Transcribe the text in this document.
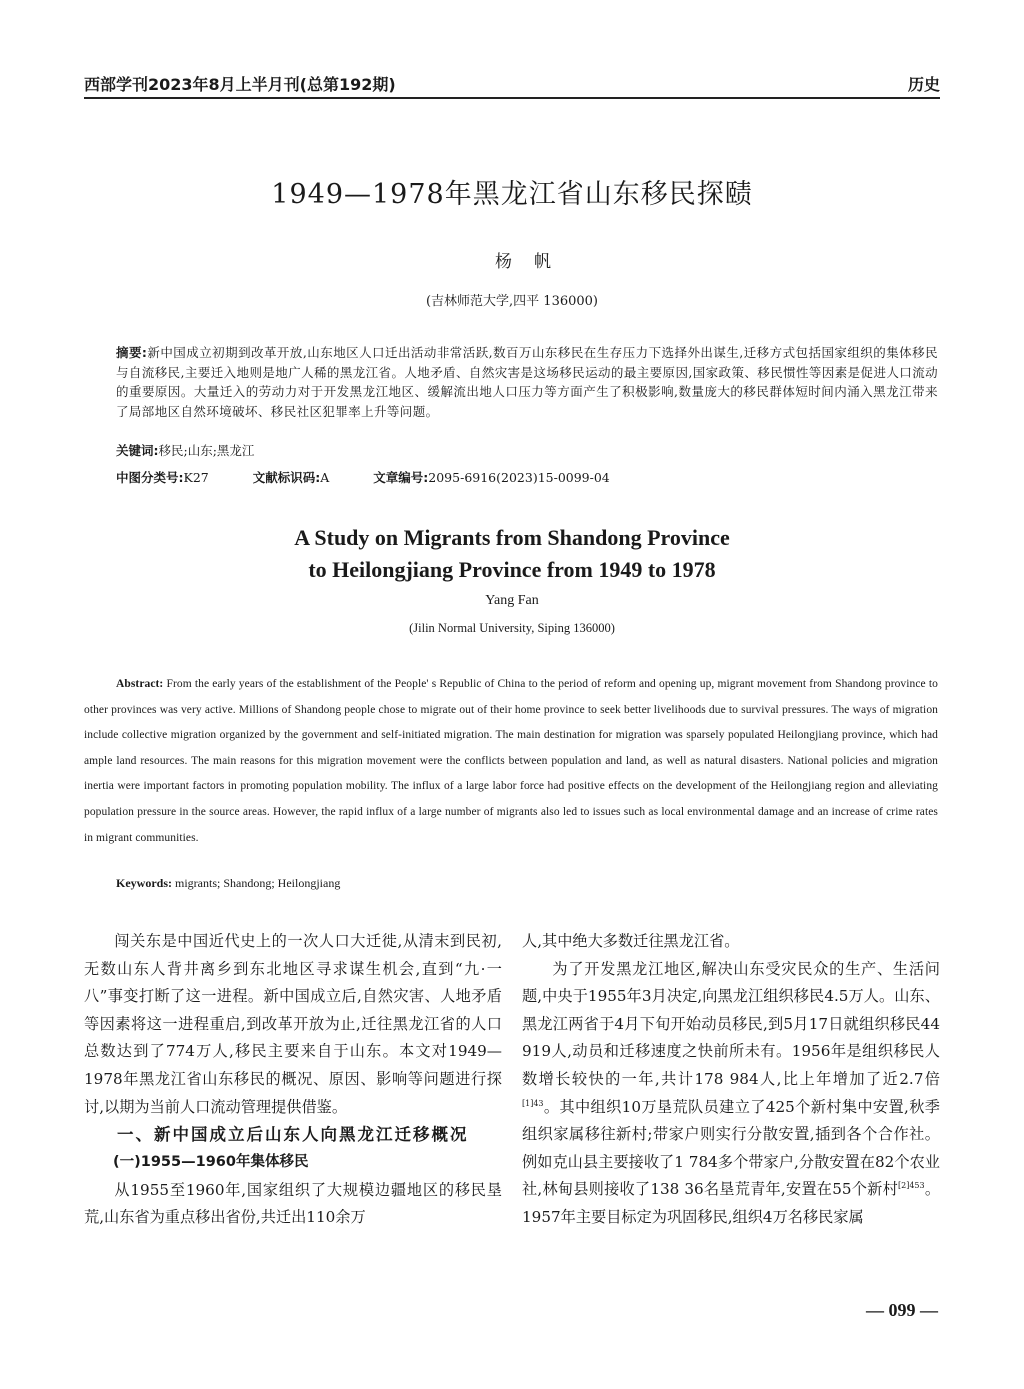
西部学刊2023年8月上半月刊(总第192期)	历史
1949—1978年黑龙江省山东移民探赜
杨帆
(吉林师范大学,四平 136000)
摘要:新中国成立初期到改革开放,山东地区人口迁出活动非常活跃,数百万山东移民在生存压力下选择外出谋生,迁移方式包括国家组织的集体移民与自流移民,主要迁入地则是地广人稀的黑龙江省。人地矛盾、自然灾害是这场移民运动的最主要原因,国家政策、移民惯性等因素是促进人口流动的重要原因。大量迁入的劳动力对于开发黑龙江地区、缓解流出地人口压力等方面产生了积极影响,数量庞大的移民群体短时间内涌入黑龙江带来了局部地区自然环境破坏、移民社区犯罪率上升等问题。
关键词:移民;山东;黑龙江
中图分类号:K27	文献标识码:A	文章编号:2095-6916(2023)15-0099-04
A Study on Migrants from Shandong Province
to Heilongjiang Province from 1949 to 1978
Yang Fan
(Jilin Normal University, Siping 136000)
Abstract: From the early years of the establishment of the People' s Republic of China to the period of reform and opening up, migrant movement from Shandong province to other provinces was very active. Millions of Shandong people chose to migrate out of their home province to seek better livelihoods due to survival pressures. The ways of migration include collective migration organized by the government and self-initiated migration. The main destination for migration was sparsely populated Heilongjiang province, which had ample land resources. The main reasons for this migration movement were the conflicts between population and land, as well as natural disasters. National policies and migration inertia were important factors in promoting population mobility. The influx of a large labor force had positive effects on the development of the Heilongjiang region and alleviating population pressure in the source areas. However, the rapid influx of a large number of migrants also led to issues such as local environmental damage and an increase of crime rates in migrant communities.
Keywords: migrants; Shandong; Heilongjiang

闯关东是中国近代史上的一次人口大迁徙,从清末到民初,无数山东人背井离乡到东北地区寻求谋生机会,直到“九·一八”事变打断了这一进程。新中国成立后,自然灾害、人地矛盾等因素将这一进程重启,到改革开放为止,迁往黑龙江省的人口总数达到了774万人,移民主要来自于山东。本文对1949—1978年黑龙江省山东移民的概况、原因、影响等问题进行探讨,以期为当前人口流动管理提供借鉴。

一、新中国成立后山东人向黑龙江迁移概况
(一)1955—1960年集体移民

从1955至1960年,国家组织了大规模边疆地区的移民垦荒,山东省为重点移出省份,共迁出110余万

人,其中绝大多数迁往黑龙江省。

为了开发黑龙江地区,解决山东受灾民众的生产、生活问题,中央于1955年3月决定,向黑龙江组织移民4.5万人。山东、黑龙江两省于4月下旬开始动员移民,到5月17日就组织移民44 919人,动员和迁移速度之快前所未有。1956年是组织移民人数增长较快的一年,共计178 984人,比上年增加了近2.7倍$^{[1]43}$。其中组织10万垦荒队员建立了425个新村集中安置,秋季组织家属移往新村;带家户则实行分散安置,插到各个合作社。例如克山县主要接收了1 784多个带家户,分散安置在82个农业社,林甸县则接收了138 36名垦荒青年,安置在55个新村$^{[2]453}$。1957年主要目标定为巩固移民,组织4万名移民家属

— 099 —
